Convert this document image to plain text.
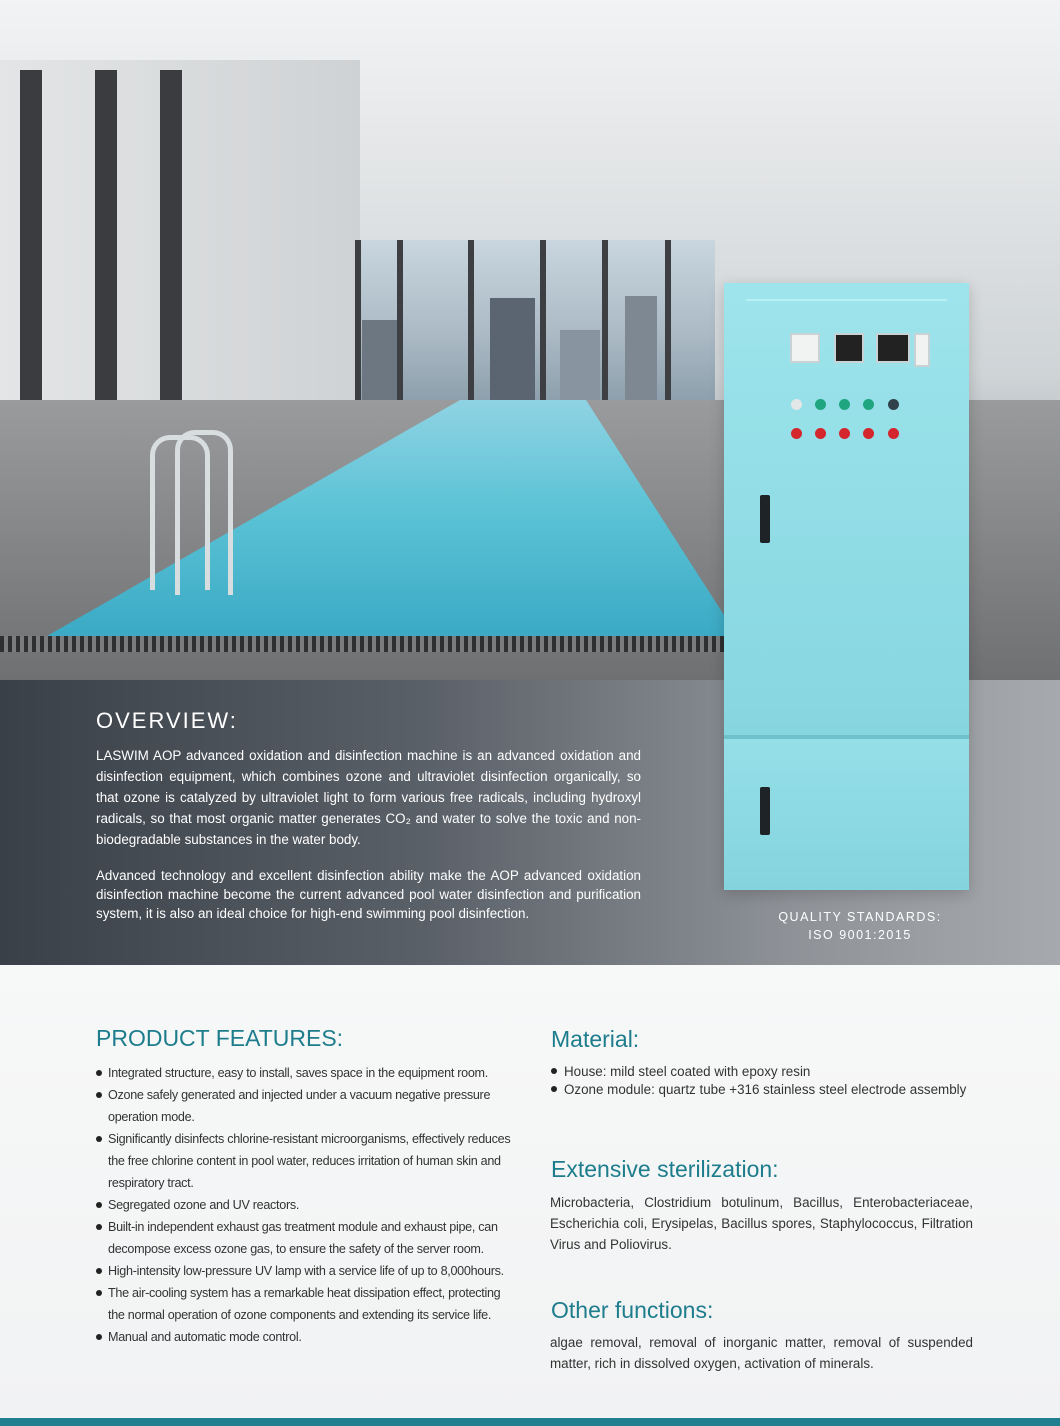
OVERVIEW:

LASWIM AOP advanced oxidation and disinfection machine is an advanced oxidation and disinfection equipment, which combines ozone and ultraviolet disinfection organically, so that ozone is catalyzed by ultraviolet light to form various free radicals, including hydroxyl radicals, so that most organic matter generates CO₂ and water to solve the toxic and non-biodegradable substances in the water body.

Advanced technology and excellent disinfection ability make the AOP advanced oxidation disinfection machine become the current advanced pool water disinfection and purification system, it is also an ideal choice for high-end swimming pool disinfection.	QUALITY STANDARDS:
ISO 9001:2015
PRODUCT FEATURES:
Integrated structure, easy to install, saves space in the equipment room.
Ozone safely generated and injected under a vacuum negative pressure operation mode.
Significantly disinfects chlorine-resistant microorganisms, effectively reduces the free chlorine content in pool water, reduces irritation of human skin and respiratory tract.
Segregated ozone and UV reactors.
Built-in independent exhaust gas treatment module and exhaust pipe, can decompose excess ozone gas, to ensure the safety of the server room.
High-intensity low-pressure UV lamp with a service life of up to 8,000hours.
The air-cooling system has a remarkable heat dissipation effect, protecting the normal operation of ozone components and extending its service life.
Manual and automatic mode control.
Material:
House: mild steel coated with epoxy resin
Ozone module: quartz tube +316 stainless steel electrode assembly
Extensive sterilization:

Microbacteria, Clostridium botulinum, Bacillus, Enterobacteriaceae, Escherichia coli, Erysipelas, Bacillus spores, Staphylococcus, Filtration Virus and Poliovirus.

Other functions:

algae removal, removal of inorganic matter, removal of suspended matter, rich in dissolved oxygen, activation of minerals.
